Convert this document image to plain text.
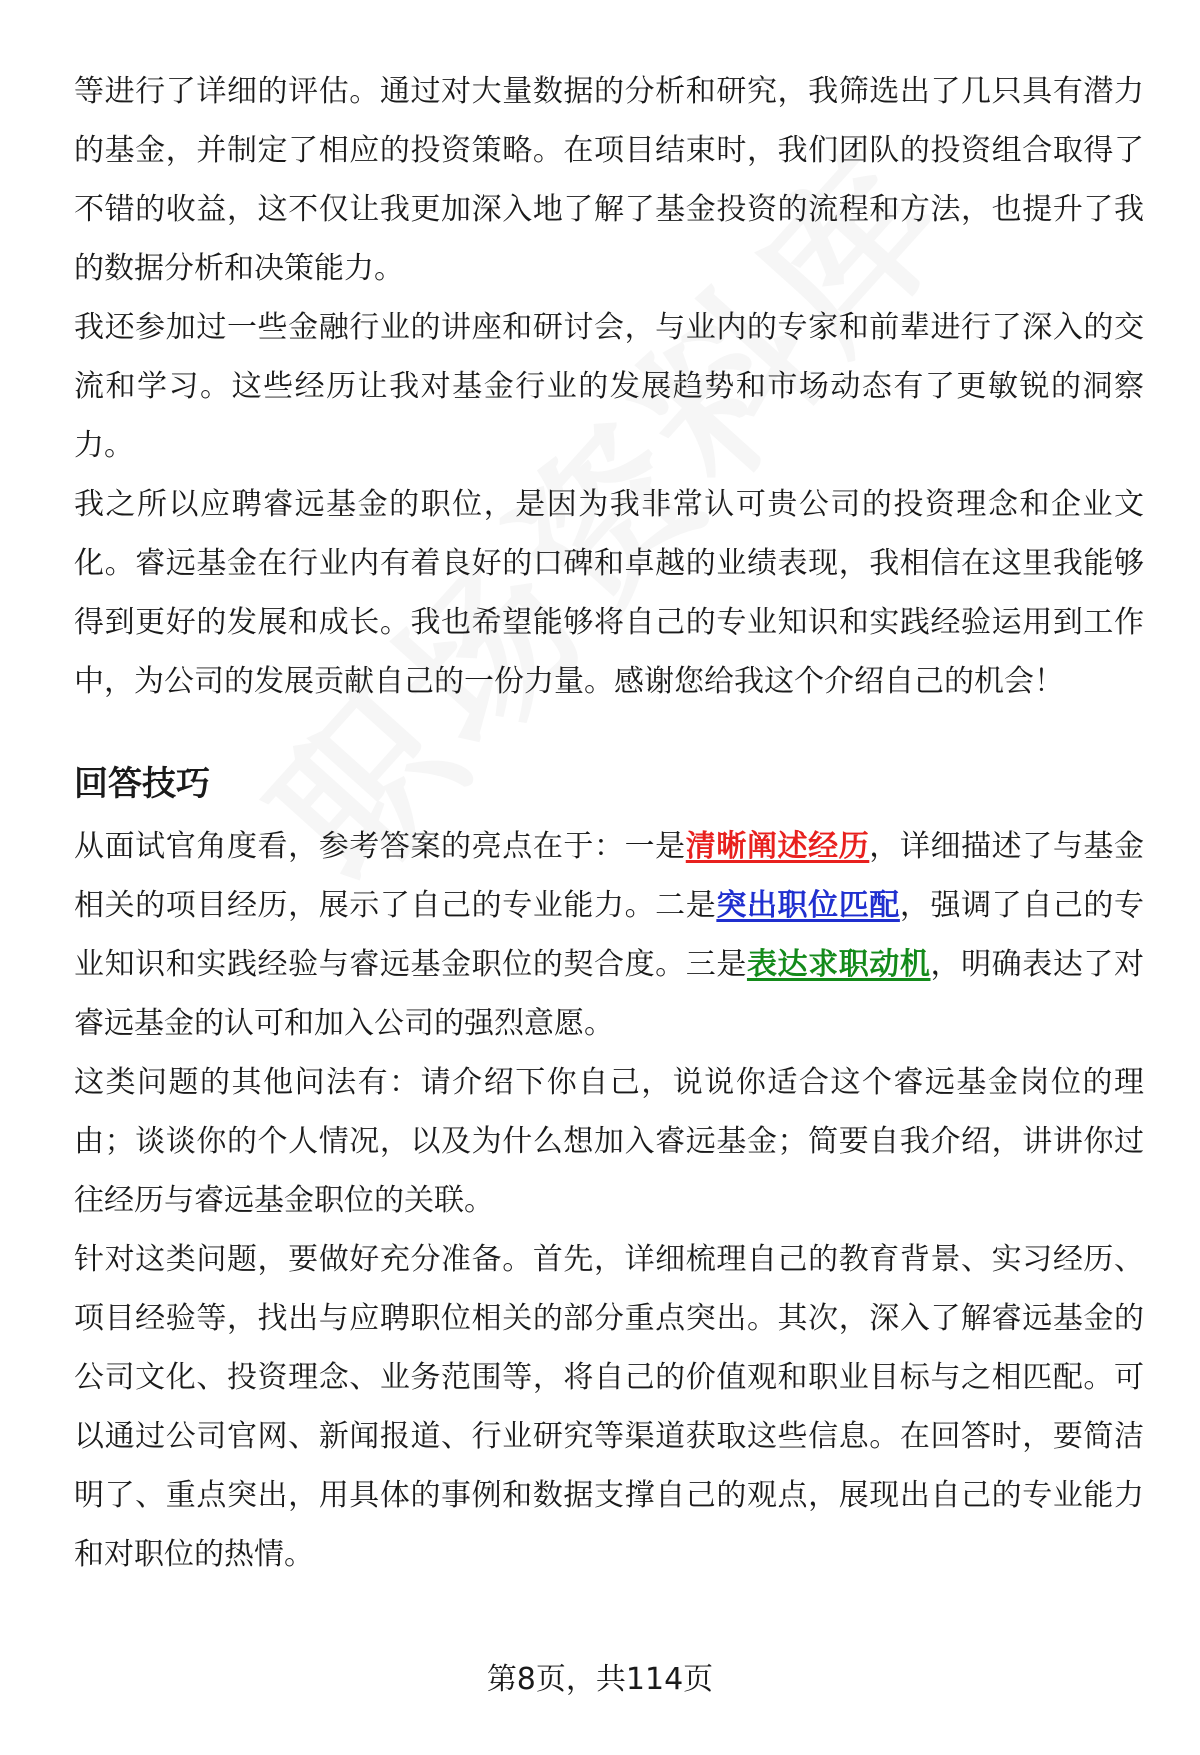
等进行了详细的评估。通过对大量数据的分析和研究，我筛选出了几只具有潜力的基金，并制定了相应的投资策略。在项目结束时，我们团队的投资组合取得了不错的收益，这不仅让我更加深入地了解了基金投资的流程和方法，也提升了我的数据分析和决策能力。

我还参加过一些金融行业的讲座和研讨会，与业内的专家和前辈进行了深入的交流和学习。这些经历让我对基金行业的发展趋势和市场动态有了更敏锐的洞察力。

我之所以应聘睿远基金的职位，是因为我非常认可贵公司的投资理念和企业文化。睿远基金在行业内有着良好的口碑和卓越的业绩表现，我相信在这里我能够得到更好的发展和成长。我也希望能够将自己的专业知识和实践经验运用到工作中，为公司的发展贡献自己的一份力量。感谢您给我这个介绍自己的机会！

回答技巧

从面试官角度看，参考答案的亮点在于：一是清晰阐述经历，详细描述了与基金相关的项目经历，展示了自己的专业能力。二是突出职位匹配，强调了自己的专业知识和实践经验与睿远基金职位的契合度。三是表达求职动机，明确表达了对睿远基金的认可和加入公司的强烈意愿。

这类问题的其他问法有：请介绍下你自己，说说你适合这个睿远基金岗位的理由；谈谈你的个人情况，以及为什么想加入睿远基金；简要自我介绍，讲讲你过往经历与睿远基金职位的关联。

针对这类问题，要做好充分准备。首先，详细梳理自己的教育背景、实习经历、项目经验等，找出与应聘职位相关的部分重点突出。其次，深入了解睿远基金的公司文化、投资理念、业务范围等，将自己的价值观和职业目标与之相匹配。可以通过公司官网、新闻报道、行业研究等渠道获取这些信息。在回答时，要简洁明了、重点突出，用具体的事例和数据支撑自己的观点，展现出自己的专业能力和对职位的热情。

第8页，共114页
